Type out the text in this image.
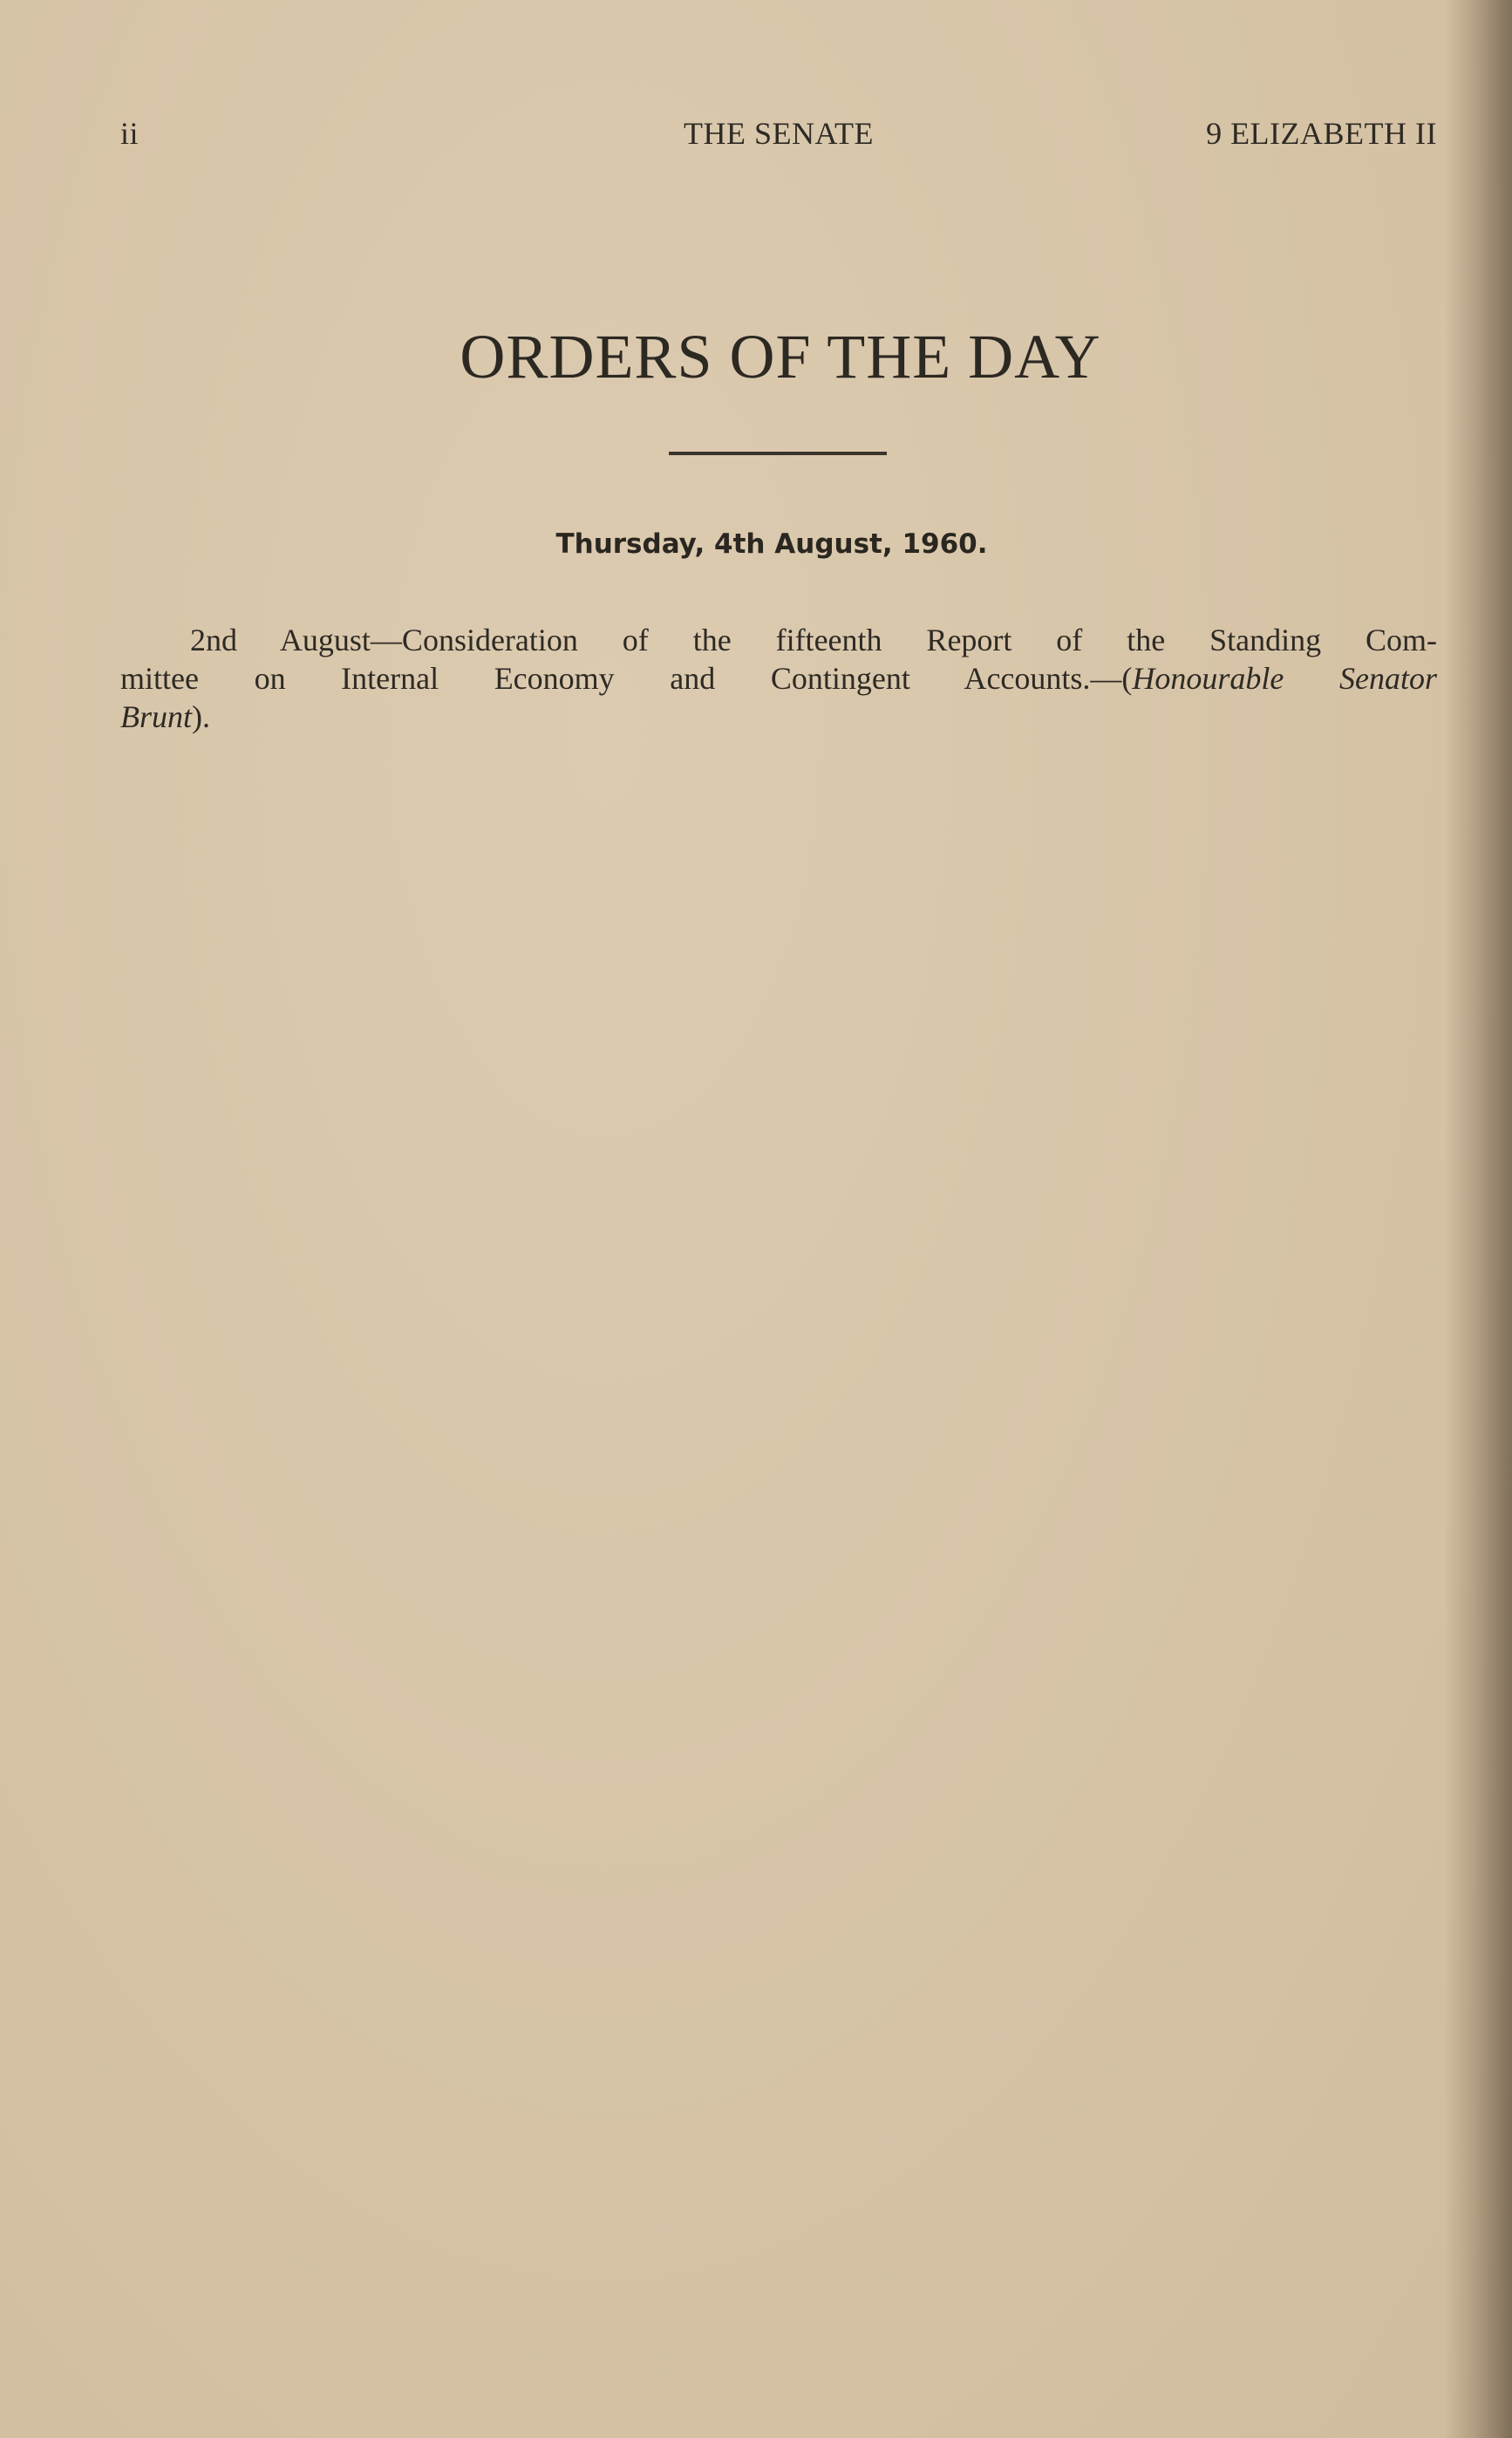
ii	THE SENATE	9 ELIZABETH II
ORDERS OF THE DAY
Thursday, 4th August, 1960.
2nd August—Consideration of the fifteenth Report of the Standing Com-
mittee on Internal Economy and Contingent Accounts.—(Honourable Senator
Brunt).
